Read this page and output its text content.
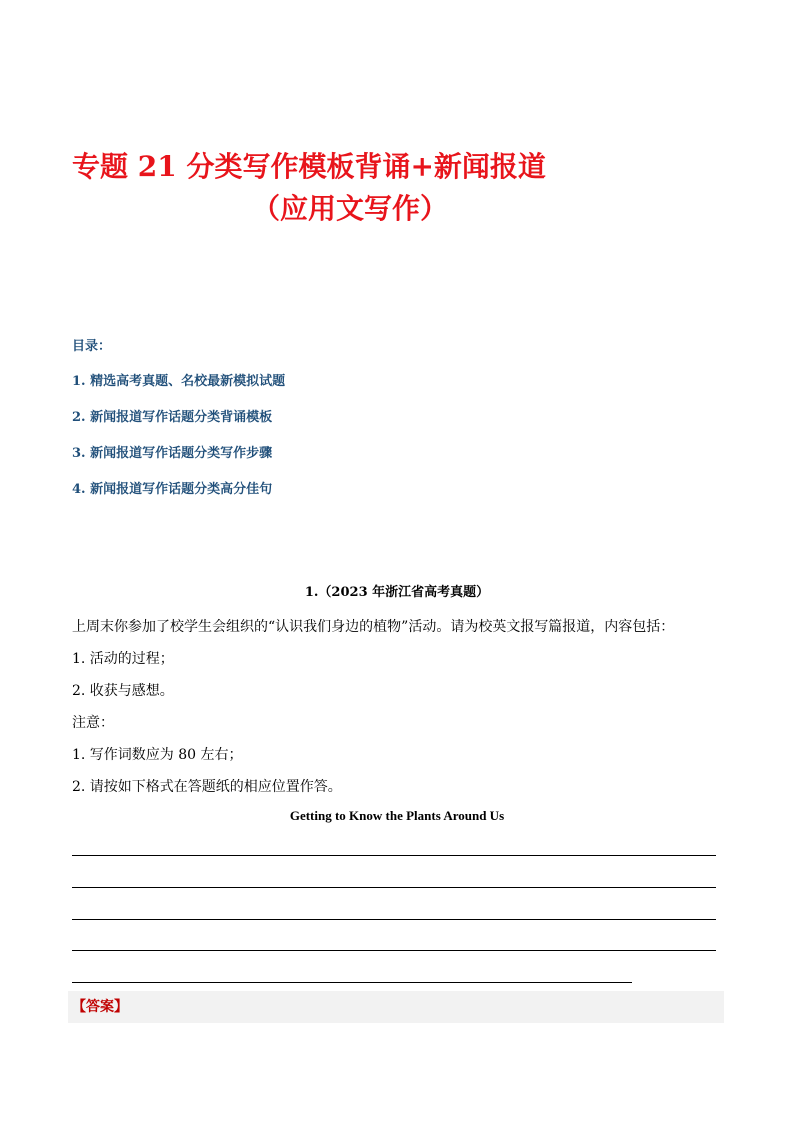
专题 21 分类写作模板背诵+新闻报道
（应用文写作）
目录：
1. 精选高考真题、名校最新模拟试题
2. 新闻报道写作话题分类背诵模板
3. 新闻报道写作话题分类写作步骤
4. 新闻报道写作话题分类高分佳句
1.（2023 年浙江省高考真题）
上周末你参加了校学生会组织的“认识我们身边的植物”活动。请为校英文报写篇报道，内容包括：
1. 活动的过程；
2. 收获与感想。
注意：
1. 写作词数应为 80 左右；
2. 请按如下格式在答题纸的相应位置作答。
Getting to Know the Plants Around Us
【答案】
